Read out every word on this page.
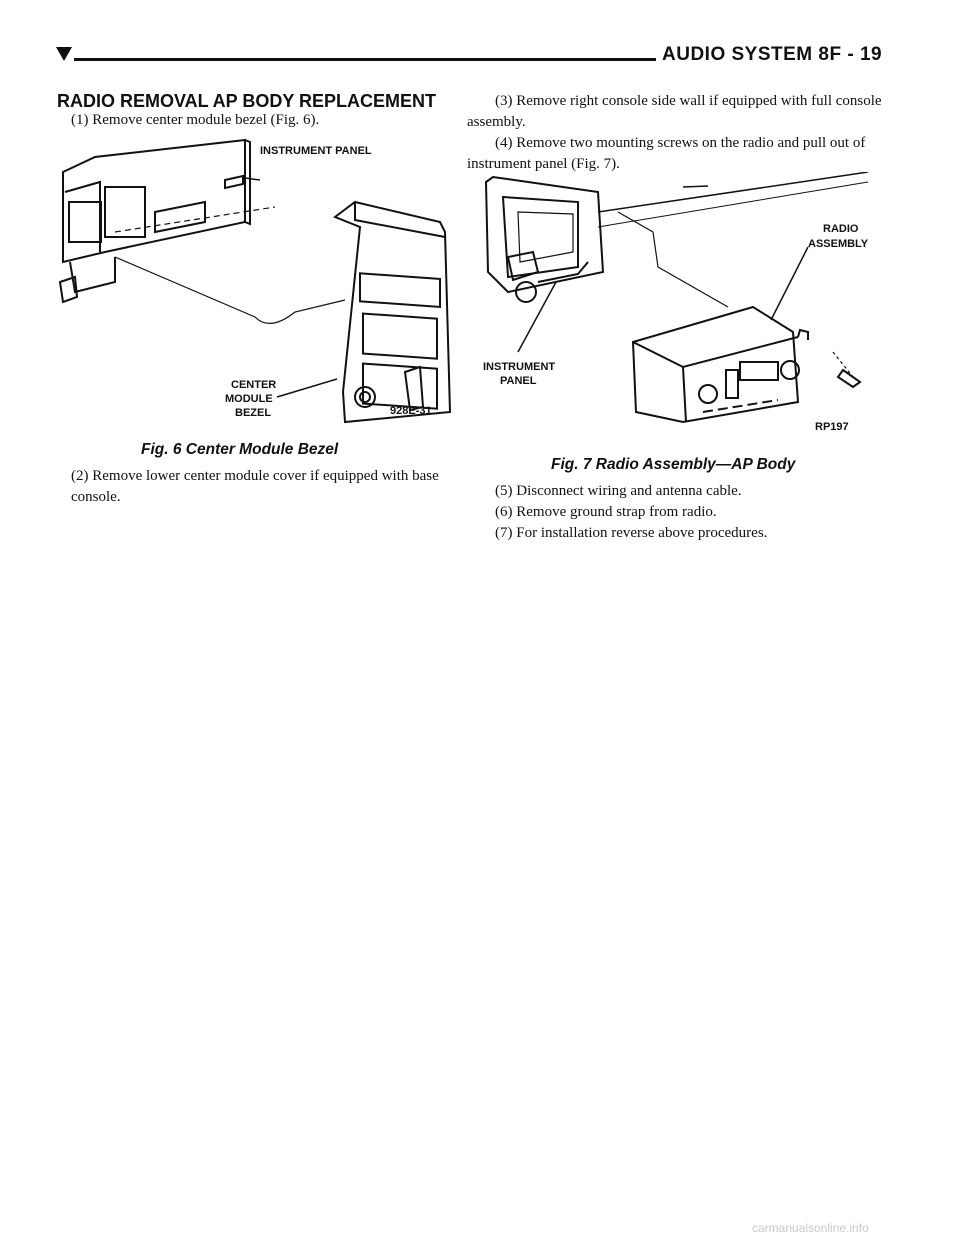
AUDIO SYSTEM 8F - 19
RADIO REMOVAL AP BODY REPLACEMENT
(1) Remove center module bezel (Fig. 6).
INSTRUMENT PANEL
CENTER
MODULE
BEZEL	928E-31
Fig. 6 Center Module Bezel
(2) Remove lower center module cover if equipped with base console.
(3) Remove right console side wall if equipped with full console assembly.
(4) Remove two mounting screws on the radio and pull out of instrument panel (Fig. 7).
RADIO
ASSEMBLY
INSTRUMENT
PANEL
RP197
Fig. 7 Radio Assembly—AP Body
(5) Disconnect wiring and antenna cable.
(6) Remove ground strap from radio.
(7) For installation reverse above procedures.
carmanualsonline.info
